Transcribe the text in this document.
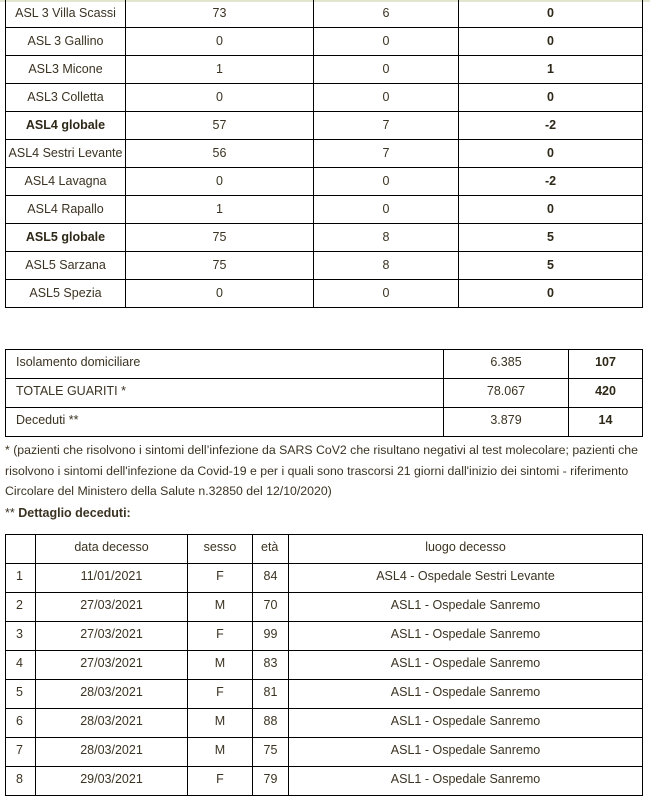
ASL 3 Villa Scassi	73	6	0
ASL 3 Gallino	0	0	0
ASL3 Micone	1	0	1
ASL3 Colletta	0	0	0
ASL4 globale	57	7	-2
ASL4 Sestri Levante	56	7	0
ASL4 Lavagna	0	0	-2
ASL4 Rapallo	1	0	0
ASL5 globale	75	8	5
ASL5 Sarzana	75	8	5
ASL5 Spezia	0	0	0
Isolamento domiciliare	6.385	107
TOTALE GUARITI *	78.067	420
Deceduti **	3.879	14
* (pazienti che risolvono i sintomi dell’infezione da SARS CoV2 che risultano negativi al test molecolare; pazienti che risolvono i sintomi dell'infezione da Covid-19 e per i quali sono trascorsi 21 giorni dall'inizio dei sintomi - riferimento Circolare del Ministero della Salute n.32850 del 12/10/2020)
** Dettaglio deceduti:
	data decesso	sesso	età	luogo decesso
1	11/01/2021	F	84	ASL4 - Ospedale Sestri Levante
2	27/03/2021	M	70	ASL1 - Ospedale Sanremo
3	27/03/2021	F	99	ASL1 - Ospedale Sanremo
4	27/03/2021	M	83	ASL1 - Ospedale Sanremo
5	28/03/2021	F	81	ASL1 - Ospedale Sanremo
6	28/03/2021	M	88	ASL1 - Ospedale Sanremo
7	28/03/2021	M	75	ASL1 - Ospedale Sanremo
8	29/03/2021	F	79	ASL1 - Ospedale Sanremo
